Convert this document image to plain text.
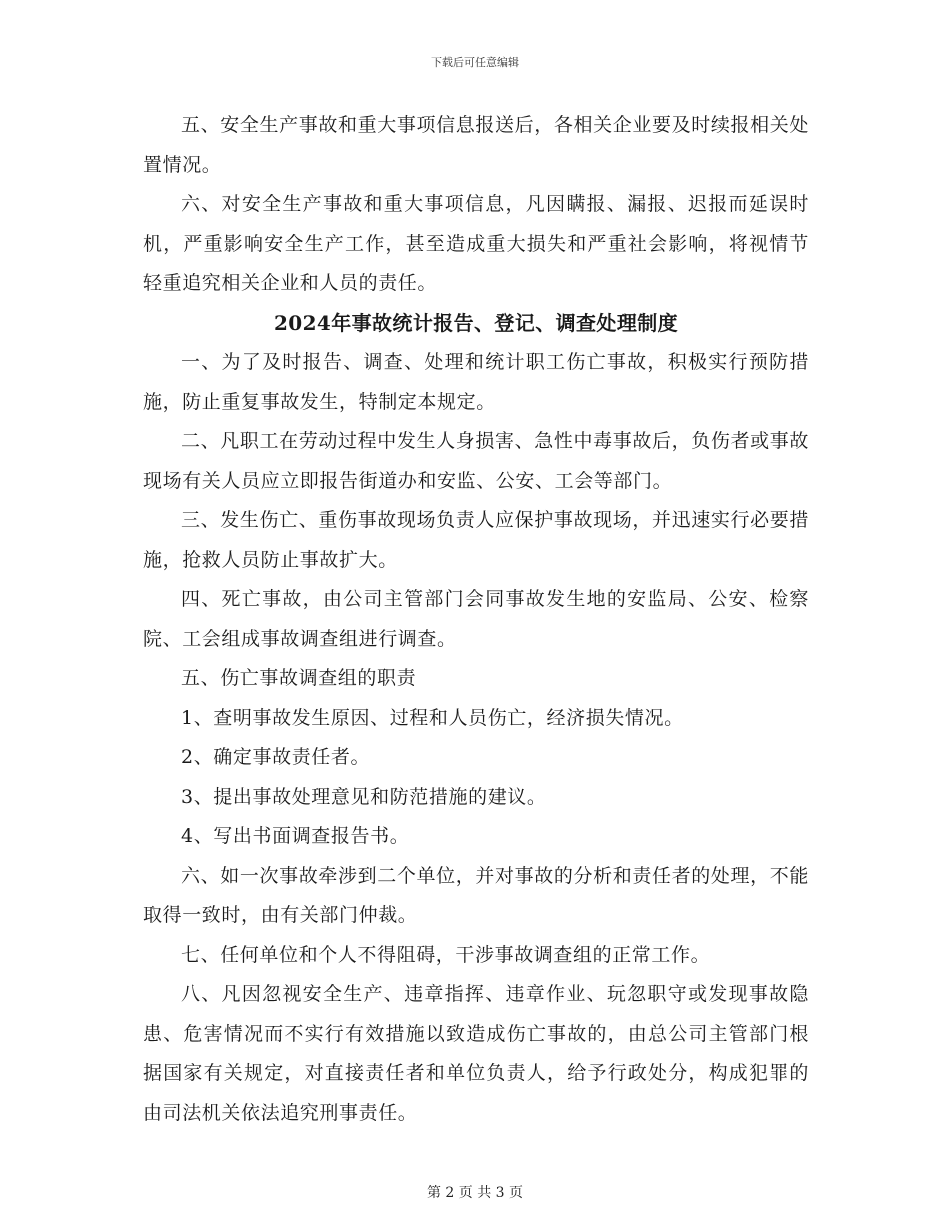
下载后可任意编辑

五、安全生产事故和重大事项信息报送后，各相关企业要及时续报相关处置情况。

六、对安全生产事故和重大事项信息，凡因瞒报、漏报、迟报而延误时机，严重影响安全生产工作，甚至造成重大损失和严重社会影响，将视情节轻重追究相关企业和人员的责任。

2024年事故统计报告、登记、调查处理制度

一、为了及时报告、调查、处理和统计职工伤亡事故，积极实行预防措施，防止重复事故发生，特制定本规定。

二、凡职工在劳动过程中发生人身损害、急性中毒事故后，负伤者或事故现场有关人员应立即报告街道办和安监、公安、工会等部门。

三、发生伤亡、重伤事故现场负责人应保护事故现场，并迅速实行必要措施，抢救人员防止事故扩大。

四、死亡事故，由公司主管部门会同事故发生地的安监局、公安、检察院、工会组成事故调查组进行调查。

五、伤亡事故调查组的职责

1、查明事故发生原因、过程和人员伤亡，经济损失情况。

2、确定事故责任者。

3、提出事故处理意见和防范措施的建议。

4、写出书面调查报告书。

六、如一次事故牵涉到二个单位，并对事故的分析和责任者的处理，不能取得一致时，由有关部门仲裁。

七、任何单位和个人不得阻碍，干涉事故调查组的正常工作。

八、凡因忽视安全生产、违章指挥、违章作业、玩忽职守或发现事故隐患、危害情况而不实行有效措施以致造成伤亡事故的，由总公司主管部门根据国家有关规定，对直接责任者和单位负责人，给予行政处分，构成犯罪的由司法机关依法追究刑事责任。

第 2 页 共 3 页
